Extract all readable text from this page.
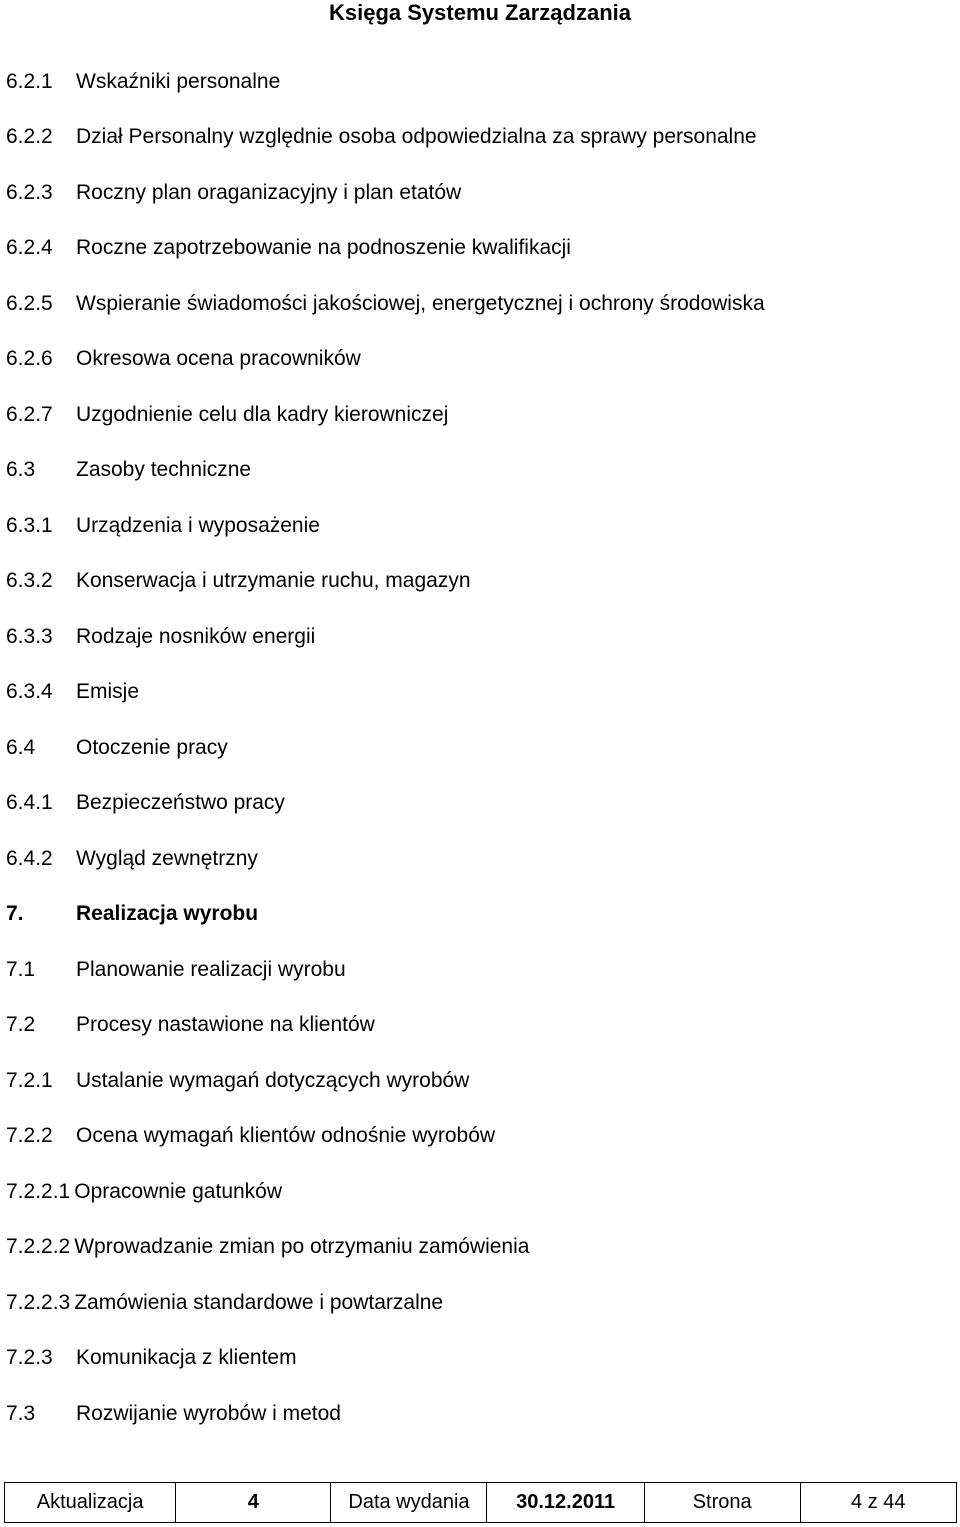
Księga Systemu Zarządzania
6.2.1 Wskaźniki personalne
6.2.2 Dział Personalny względnie osoba odpowiedzialna za sprawy personalne
6.2.3 Roczny plan oraganizacyjny i plan etatów
6.2.4 Roczne zapotrzebowanie na podnoszenie kwalifikacji
6.2.5 Wspieranie świadomości jakościowej, energetycznej i ochrony środowiska
6.2.6 Okresowa ocena pracowników
6.2.7 Uzgodnienie celu dla kadry kierowniczej
6.3 Zasoby techniczne
6.3.1 Urządzenia i wyposażenie
6.3.2 Konserwacja i utrzymanie ruchu, magazyn
6.3.3 Rodzaje nosników energii
6.3.4 Emisje
6.4 Otoczenie pracy
6.4.1 Bezpieczeństwo pracy
6.4.2 Wygląd zewnętrzny
7. Realizacja wyrobu
7.1 Planowanie realizacji wyrobu
7.2 Procesy nastawione na klientów
7.2.1 Ustalanie wymagań dotyczących wyrobów
7.2.2 Ocena wymagań klientów odnośnie wyrobów
7.2.2.1 Opracownie gatunków
7.2.2.2 Wprowadzanie zmian po otrzymaniu zamówienia
7.2.2.3 Zamówienia standardowe i powtarzalne
7.2.3 Komunikacja z klientem
7.3 Rozwijanie wyrobów i metod
Aktualizacja	4	Data wydania	30.12.2011	Strona	4 z 44
